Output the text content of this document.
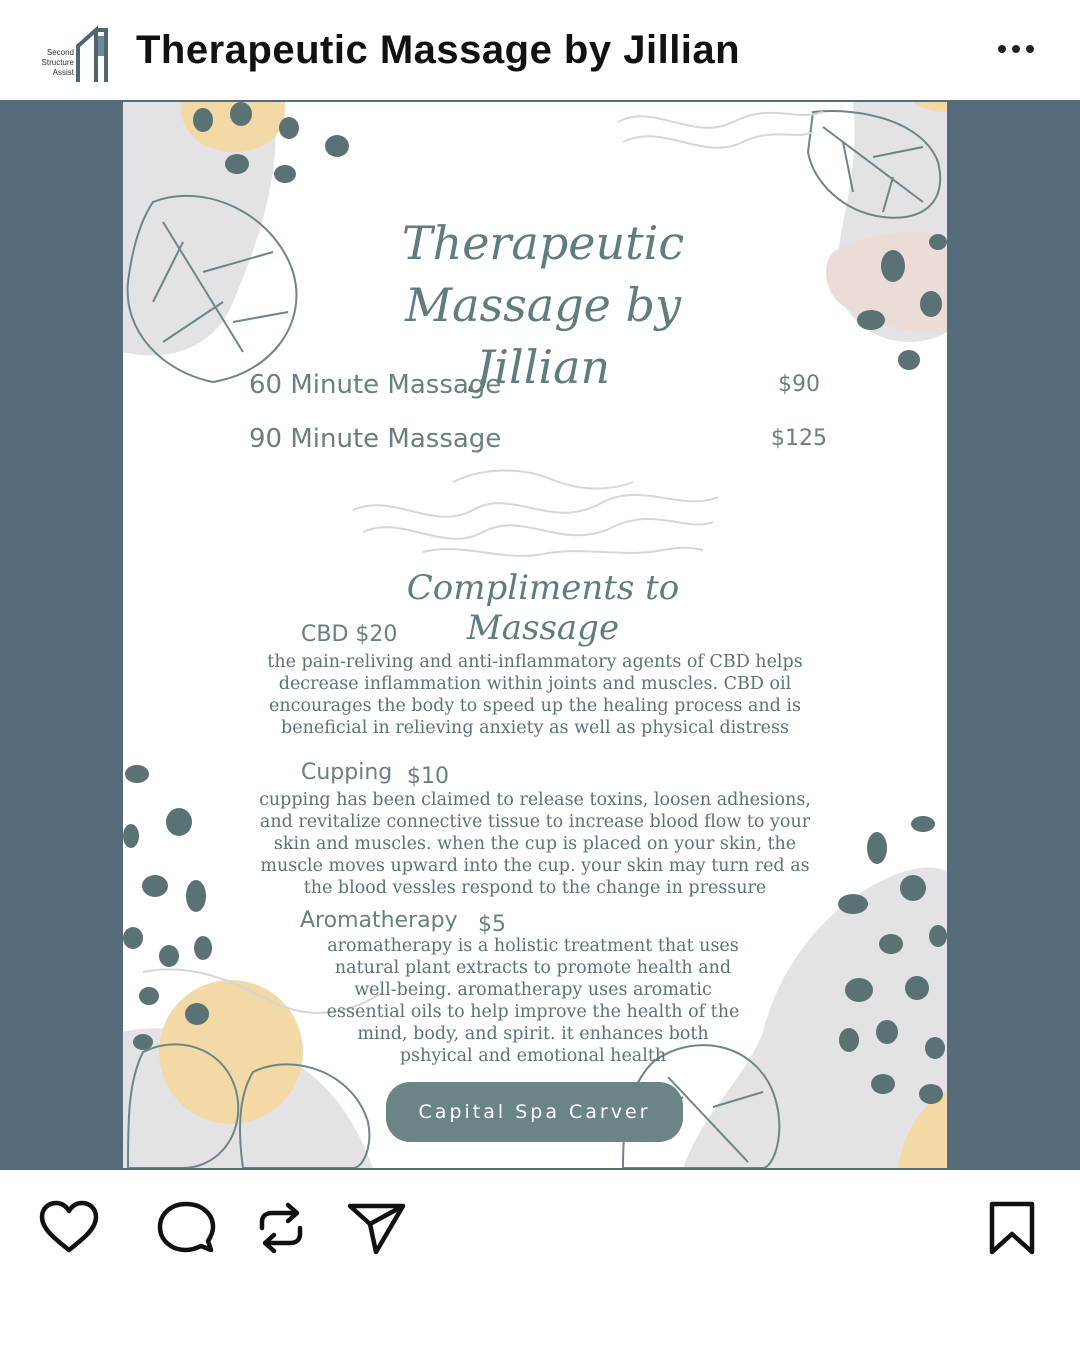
Second
Structure
Assist
Therapeutic Massage by Jillian
Therapeutic Massage by
Jillian
60 Minute Massage	$90
90 Minute Massage	$125
Compliments to Massage
CBD $20
the pain-reliving and anti-inflammatory agents of CBD helps
decrease inflammation within joints and muscles. CBD oil
encourages the body to speed up the healing process and is
beneficial in relieving anxiety as well as physical distress
Cupping $10
cupping has been claimed to release toxins, loosen adhesions,
and revitalize connective tissue to increase blood flow to your
skin and muscles. when the cup is placed on your skin, the
muscle moves upward into the cup. your skin may turn red as
the blood vessles respond to the change in pressure
Aromatherapy $5
aromatherapy is a holistic treatment that uses
natural plant extracts to promote health and
well-being. aromatherapy uses aromatic
essential oils to help improve the health of the
mind, body, and spirit. it enhances both
pshyical and emotional health
Capital Spa Carver
